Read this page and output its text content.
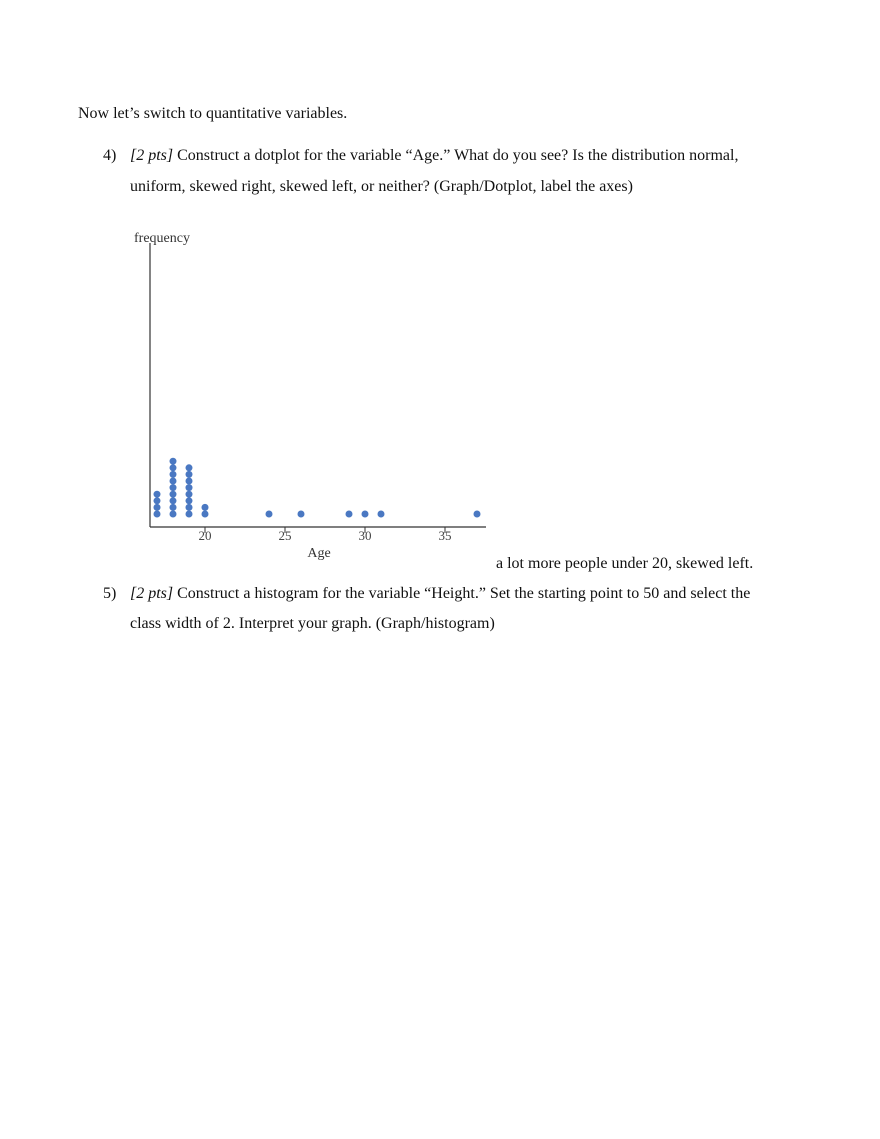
Now let’s switch to quantitative variables.
4) [2 pts] Construct a dotplot for the variable “Age.” What do you see? Is the distribution normal,
uniform, skewed right, skewed left, or neither? (Graph/Dotplot, label the axes)
20	25	30	35
frequency
Age
a lot more people under 20, skewed left.
5) [2 pts] Construct a histogram for the variable “Height.” Set the starting point to 50 and select the
class width of 2. Interpret your graph. (Graph/histogram)
